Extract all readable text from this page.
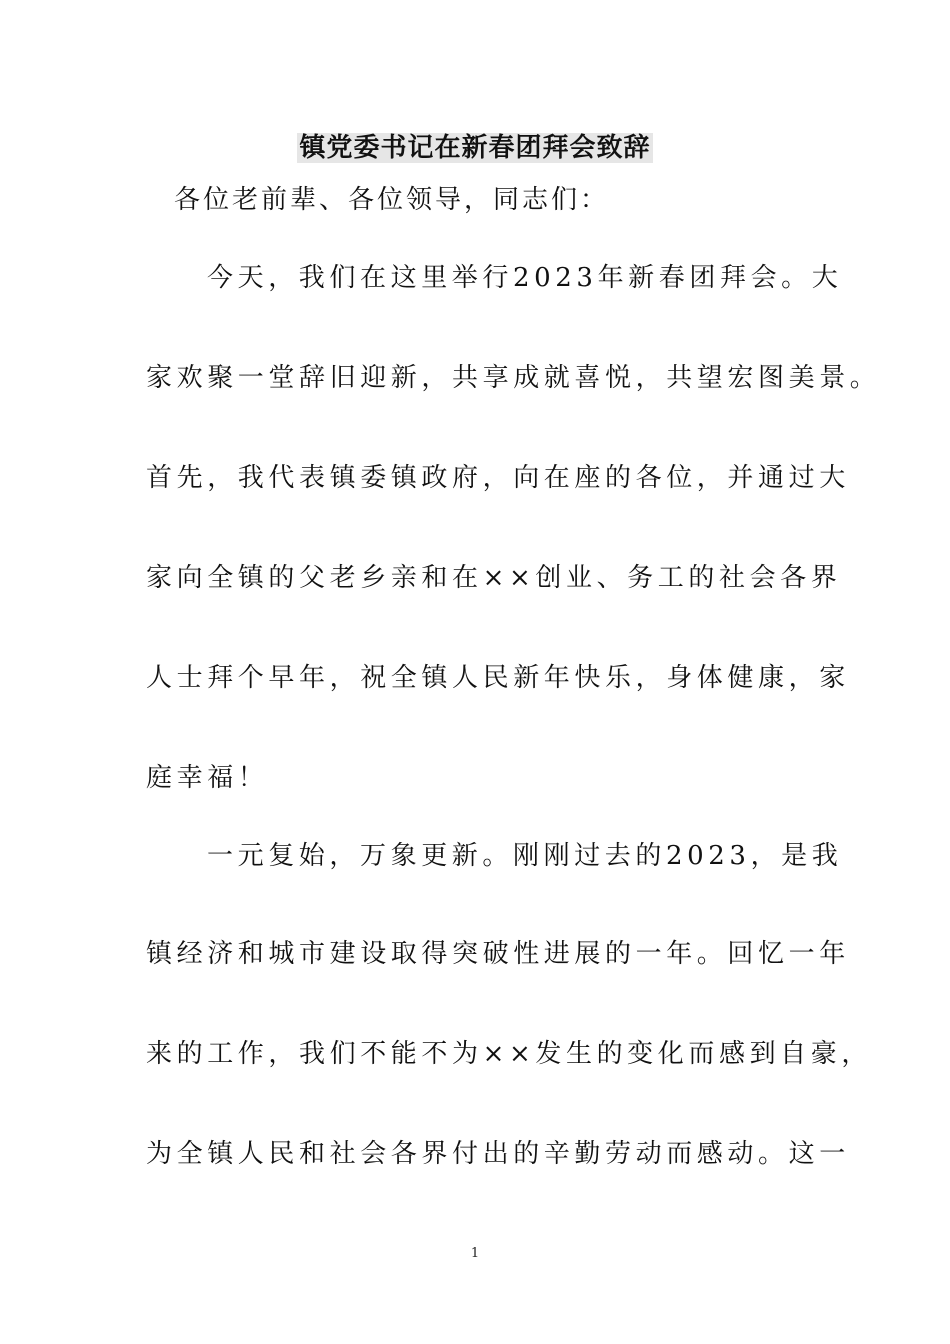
镇党委书记在新春团拜会致辞
各位老前辈、各位领导，同志们：
今天，我们在这里举行2023年新春团拜会。大
家欢聚一堂辞旧迎新，共享成就喜悦，共望宏图美景。
首先，我代表镇委镇政府，向在座的各位，并通过大
家向全镇的父老乡亲和在××创业、务工的社会各界
人士拜个早年，祝全镇人民新年快乐，身体健康，家
庭幸福！
一元复始，万象更新。刚刚过去的2023，是我
镇经济和城市建设取得突破性进展的一年。回忆一年
来的工作，我们不能不为××发生的变化而感到自豪，
为全镇人民和社会各界付出的辛勤劳动而感动。这一
1
